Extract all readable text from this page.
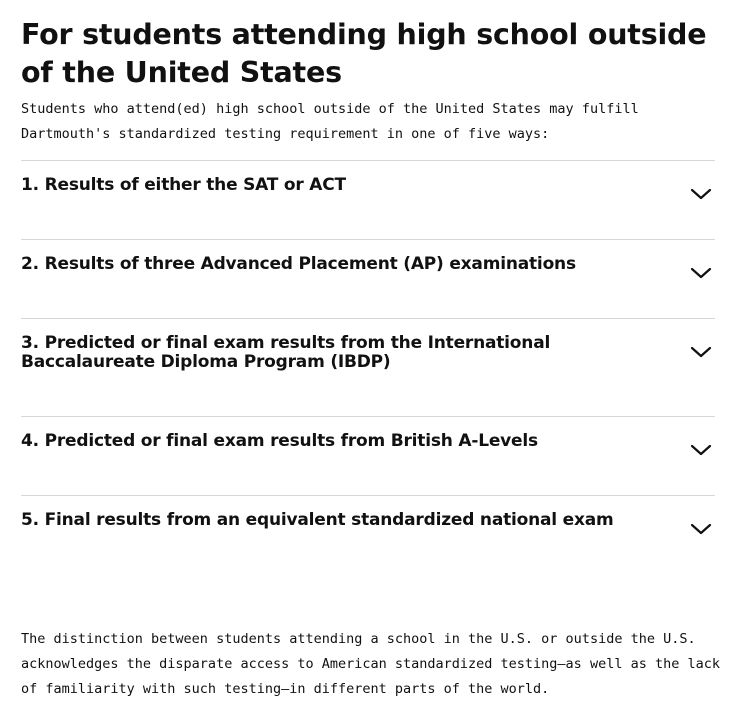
For students attending high school outside of the United States

Students who attend(ed) high school outside of the United States may fulfill Dartmouth's standardized testing requirement in one of five ways:

1. Results of either the SAT or ACT
2. Results of three Advanced Placement (AP) examinations
3. Predicted or final exam results from the International Baccalaureate Diploma Program (IBDP)
4. Predicted or final exam results from British A-Levels
5. Final results from an equivalent standardized national exam

The distinction between students attending a school in the U.S. or outside the U.S. acknowledges the disparate access to American standardized testing—as well as the lack of familiarity with such testing—in different parts of the world.
